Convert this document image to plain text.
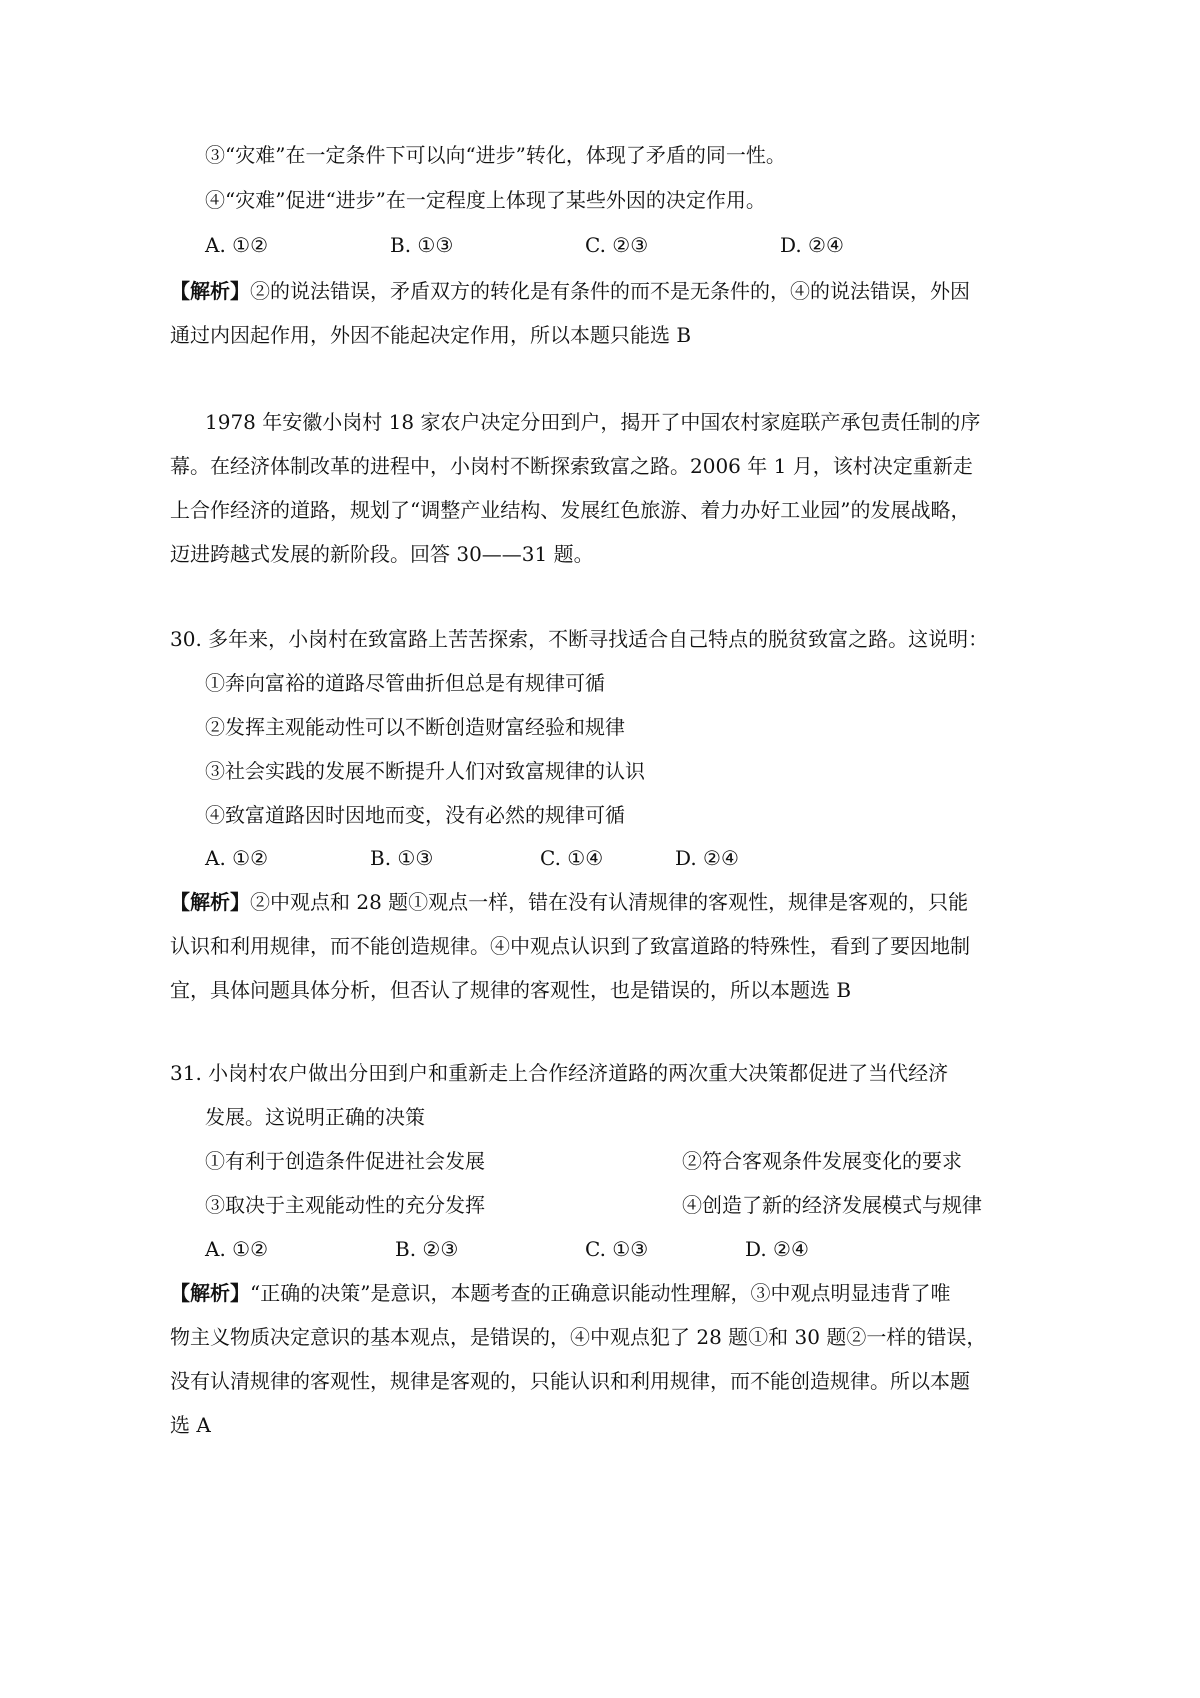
③“灾难”在一定条件下可以向“进步”转化，体现了矛盾的同一性。
④“灾难”促进“进步”在一定程度上体现了某些外因的决定作用。
A. ①②	B. ①③	C. ②③	D. ②④
【解析】②的说法错误，矛盾双方的转化是有条件的而不是无条件的，④的说法错误，外因
通过内因起作用，外因不能起决定作用，所以本题只能选 B
1978 年安徽小岗村 18 家农户决定分田到户，揭开了中国农村家庭联产承包责任制的序
幕。在经济体制改革的进程中，小岗村不断探索致富之路。2006 年 1 月，该村决定重新走
上合作经济的道路，规划了“调整产业结构、发展红色旅游、着力办好工业园”的发展战略，
迈进跨越式发展的新阶段。回答 30——31 题。
30. 多年来，小岗村在致富路上苦苦探索，不断寻找适合自己特点的脱贫致富之路。这说明：
①奔向富裕的道路尽管曲折但总是有规律可循
②发挥主观能动性可以不断创造财富经验和规律
③社会实践的发展不断提升人们对致富规律的认识
④致富道路因时因地而变，没有必然的规律可循
A. ①②	B. ①③	C. ①④	D. ②④
【解析】②中观点和 28 题①观点一样，错在没有认清规律的客观性，规律是客观的，只能
认识和利用规律，而不能创造规律。④中观点认识到了致富道路的特殊性，看到了要因地制
宜，具体问题具体分析，但否认了规律的客观性，也是错误的，所以本题选 B
31. 小岗村农户做出分田到户和重新走上合作经济道路的两次重大决策都促进了当代经济
发展。这说明正确的决策
①有利于创造条件促进社会发展	②符合客观条件发展变化的要求
③取决于主观能动性的充分发挥	④创造了新的经济发展模式与规律
A. ①②	B. ②③	C. ①③	D. ②④
【解析】“正确的决策”是意识，本题考查的正确意识能动性理解，③中观点明显违背了唯
物主义物质决定意识的基本观点，是错误的，④中观点犯了 28 题①和 30 题②一样的错误，
没有认清规律的客观性，规律是客观的，只能认识和利用规律，而不能创造规律。所以本题
选 A
